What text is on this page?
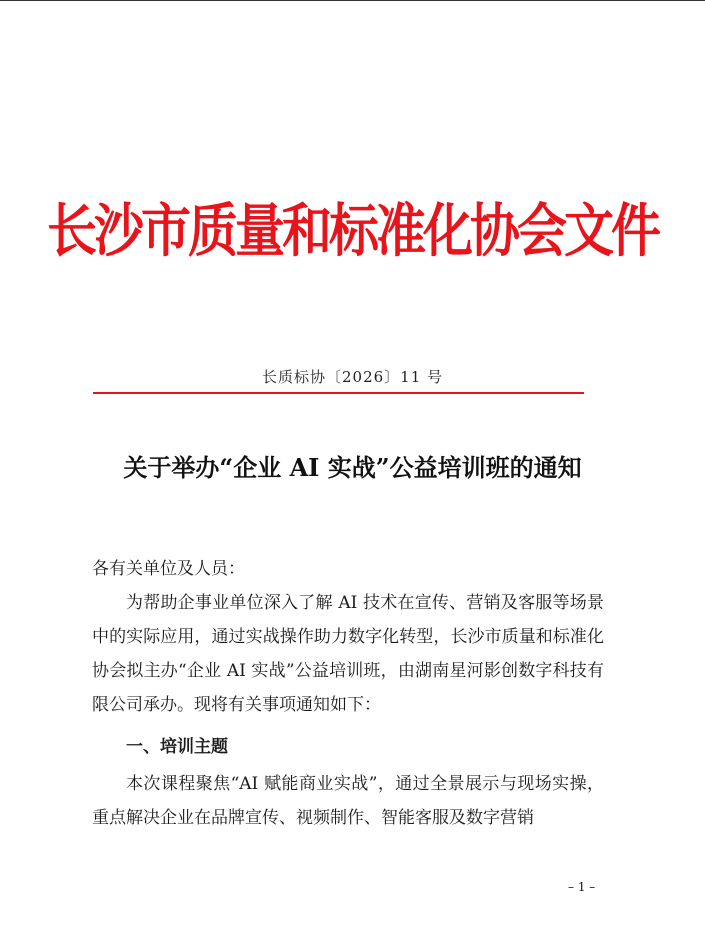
长沙市质量和标准化协会文件
长质标协〔2026〕11 号
关于举办“企业 AI 实战”公益培训班的通知
各有关单位及人员：
为帮助企事业单位深入了解 AI 技术在宣传、营销及客服等场景中的实际应用，通过实战操作助力数字化转型，长沙市质量和标准化协会拟主办“企业 AI 实战”公益培训班，由湖南星河影创数字科技有限公司承办。现将有关事项通知如下：
一、培训主题
本次课程聚焦“AI 赋能商业实战”，通过全景展示与现场实操，重点解决企业在品牌宣传、视频制作、智能客服及数字营销
– 1 –
